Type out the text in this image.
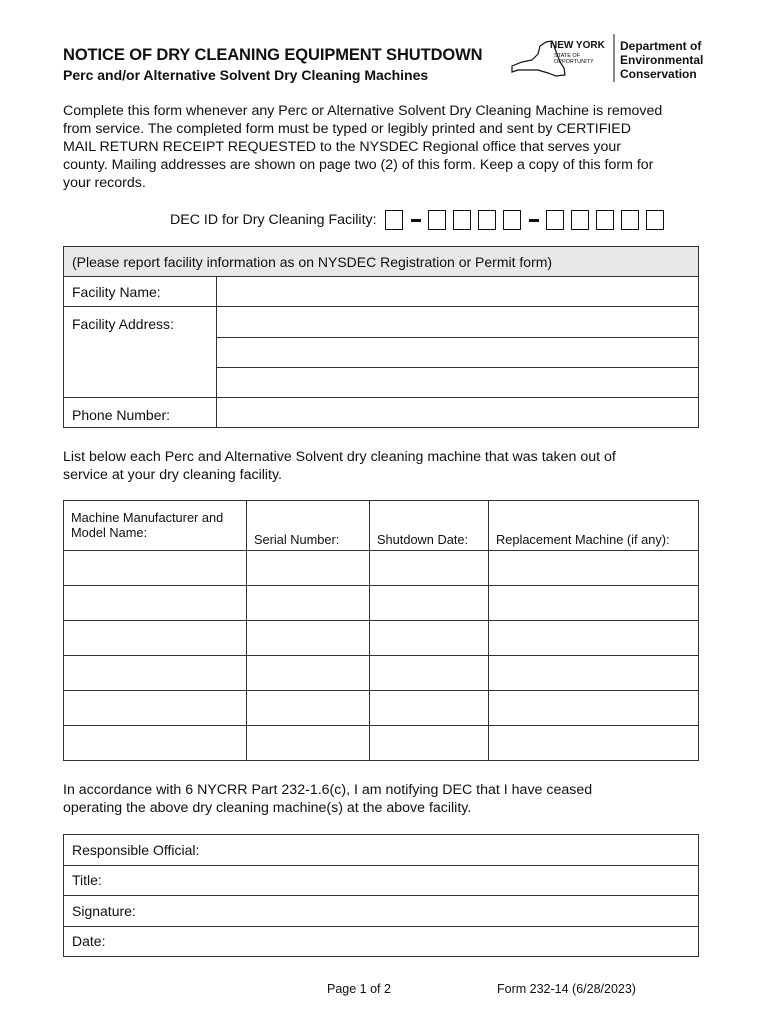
NOTICE OF DRY CLEANING EQUIPMENT SHUTDOWN
Perc and/or Alternative Solvent Dry Cleaning Machines
NEW YORK
STATE OF
OPPORTUNITY
Department of
Environmental
Conservation
Complete this form whenever any Perc or Alternative Solvent Dry Cleaning Machine is removed
from service. The completed form must be typed or legibly printed and sent by CERTIFIED
MAIL RETURN RECEIPT REQUESTED to the NYSDEC Regional office that serves your
county. Mailing addresses are shown on page two (2) of this form. Keep a copy of this form for
your records.
DEC ID for Dry Cleaning Facility:
(Please report facility information as on NYSDEC Registration or Permit form)	
Facility Name:	
Facility Address:	

Phone Number:	
List below each Perc and Alternative Solvent dry cleaning machine that was taken out of
service at your dry cleaning facility.
Machine Manufacturer and
Model Name:	Serial Number:	Shutdown Date:	Replacement Machine (if any):

In accordance with 6 NYCRR Part 232-1.6(c), I am notifying DEC that I have ceased
operating the above dry cleaning machine(s) at the above facility.
Responsible Official:
Title:
Signature:
Date:
Page 1 of 2	Form 232-14 (6/28/2023)
